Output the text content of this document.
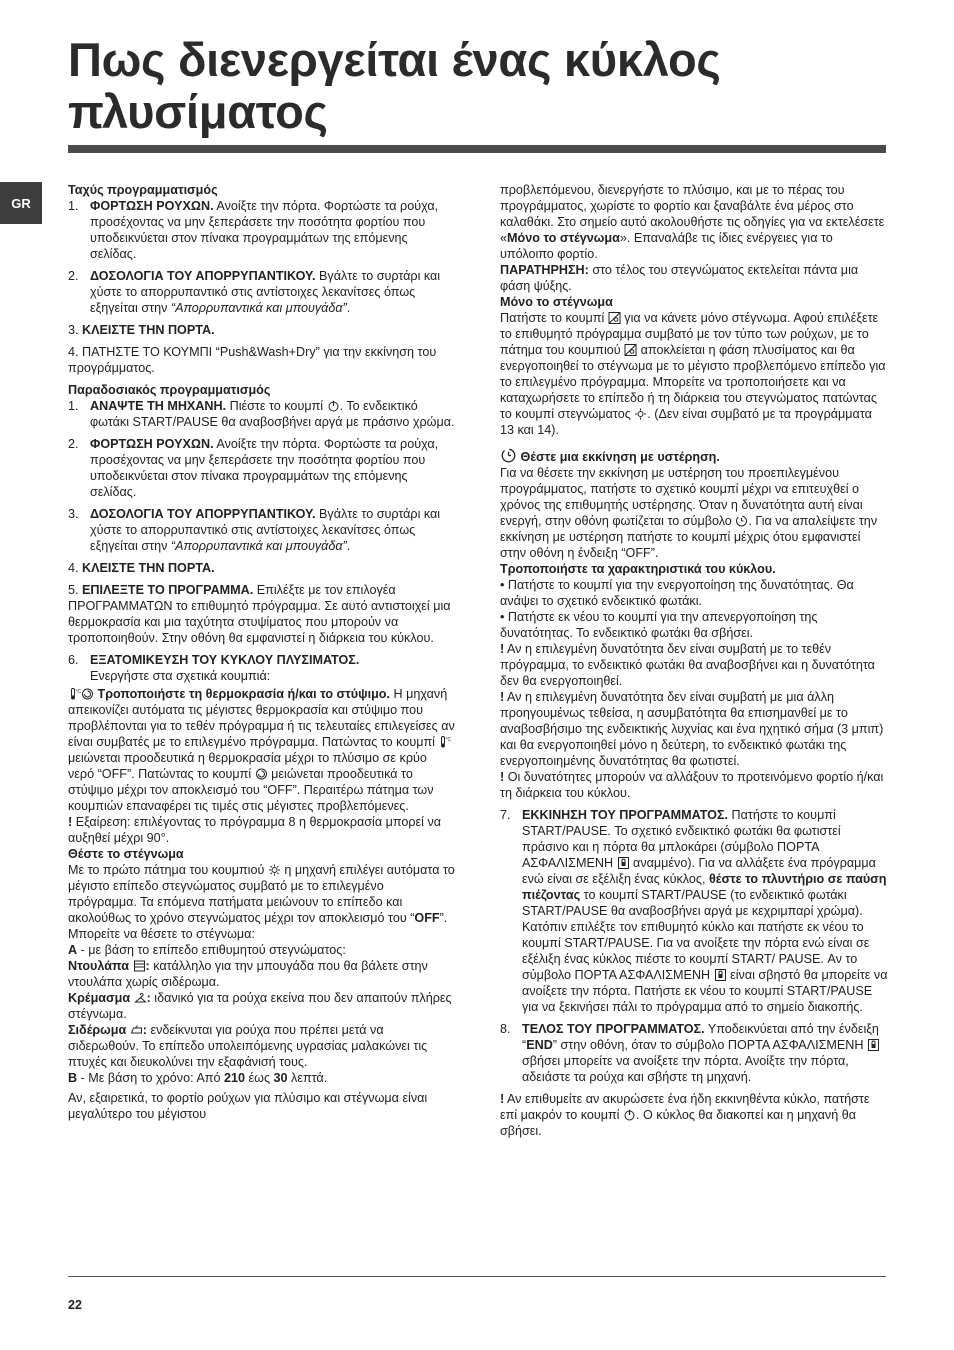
Πως διενεργείται ένας κύκλος
πλυσίματος
GR

Ταχύς προγραμματισμός

1. ΦΟΡΤΩΣΗ ΡΟΥΧΩΝ. Ανοίξτε την πόρτα. Φορτώστε τα ρούχα, προσέχοντας να μην ξεπεράσετε την ποσότητα φορτίου που υποδεικνύεται στον πίνακα προγραμμάτων της επόμενης σελίδας.

2. ΔΟΣΟΛΟΓΙΑ ΤΟΥ ΑΠΟΡΡΥΠΑΝΤΙΚΟΥ. Βγάλτε το συρτάρι και χύστε το απορρυπαντικό στις αντίστοιχες λεκανίτσες όπως εξηγείται στην “Απορρυπαντικά και μπουγάδα”.

3. ΚΛΕΙΣΤΕ ΤΗΝ ΠΟΡΤΑ.

4. ΠΑΤΗΣΤΕ ΤΟ ΚΟΥΜΠΙ “Push&Wash+Dry” για την εκκίνηση του προγράμματος.

Παραδοσιακός προγραμματισμός

1. ΑΝΑΨΤΕ ΤΗ ΜΗΧΑΝΗ. Πιέστε το κουμπί
. Το ενδεικτικό φωτάκι START/PAUSE θα αναβοσβήνει αργά με πράσινο χρώμα.

2. ΦΟΡΤΩΣΗ ΡΟΥΧΩΝ. Ανοίξτε την πόρτα. Φορτώστε τα ρούχα, προσέχοντας να μην ξεπεράσετε την ποσότητα φορτίου που υποδεικνύεται στον πίνακα προγραμμάτων της επόμενης σελίδας.

3. ΔΟΣΟΛΟΓΙΑ ΤΟΥ ΑΠΟΡΡΥΠΑΝΤΙΚΟΥ. Βγάλτε το συρτάρι και χύστε το απορρυπαντικό στις αντίστοιχες λεκανίτσες όπως εξηγείται στην “Απορρυπαντικά και μπουγάδα”.

4. ΚΛΕΙΣΤΕ ΤΗΝ ΠΟΡΤΑ.

5. ΕΠΙΛΕΞΤΕ ΤΟ ΠΡΟΓΡΑΜΜΑ. Επιλέξτε με τον επιλογέα ΠΡΟΓΡΑΜΜΑΤΩΝ το επιθυμητό πρόγραμμα. Σε αυτό αντιστοιχεί μια θερμοκρασία και μια ταχύτητα στυψίματος που μπορούν να τροποποιηθούν. Στην οθόνη θα εμφανιστεί η διάρκεια του κύκλου.

6. ΕΞΑΤΟΜΙΚΕΥΣΗ ΤΟΥ ΚΥΚΛΟΥ ΠΛΥΣΙΜΑΤΟΣ.
Ενεργήστε στα σχετικά κουμπιά:

°C Τροποποιήστε τη θερμοκρασία ή/και το στύψιμο. Η μηχανή απεικονίζει αυτόματα τις μέγιστες θερμοκρασία και στύψιμο που προβλέπονται για το τεθέν πρόγραμμα ή τις τελευταίες επιλεγείσες αν είναι συμβατές με το επιλεγμένο πρόγραμμα. Πατώντας το κουμπί °C
μειώνεται προοδευτικά η θερμοκρασία μέχρι το πλύσιμο σε κρύο νερό “OFF”. Πατώντας το κουμπί
μειώνεται προοδευτικά το στύψιμο μέχρι τον αποκλεισμό του “OFF”. Περαιτέρω πάτημα των κουμπιών επαναφέρει τις τιμές στις μέγιστες προβλεπόμενες.
! Εξαίρεση: επιλέγοντας το πρόγραμμα 8 η θερμοκρασία μπορεί να αυξηθεί μέχρι 90°.

Θέστε το στέγνωμα

Με το πρώτο πάτημα του κουμπιού
η μηχανή επιλέγει αυτόματα το μέγιστο επίπεδο στεγνώματος συμβατό με το επιλεγμένο πρόγραμμα. Τα επόμενα πατήματα μειώνουν το επίπεδο και ακολούθως το χρόνο στεγνώματος μέχρι τον αποκλεισμό του “OFF”. Μπορείτε να θέσετε το στέγνωμα:
A - με βάση το επίπεδο επιθυμητού στεγνώματος:
Ντουλάπα : κατάλληλο για την μπουγάδα που θα βάλετε στην ντουλάπα χωρίς σιδέρωμα.
Κρέμασμα : ιδανικό για τα ρούχα εκείνα που δεν απαιτούν πλήρες στέγνωμα.
Σιδέρωμα : ενδείκνυται για ρούχα που πρέπει μετά να σιδερωθούν. Το επίπεδο υπολειπόμενης υγρασίας μαλακώνει τις πτυχές και διευκολύνει την εξαφάνισή τους.
B - Με βάση το χρόνο: Από 210 έως 30 λεπτά.

Αν, εξαιρετικά, το φορτίο ρούχων για πλύσιμο και στέγνωμα είναι μεγαλύτερο του μέγιστου

προβλεπόμενου, διενεργήστε το πλύσιμο, και με το πέρας του προγράμματος, χωρίστε το φορτίο και ξαναβάλτε ένα μέρος στο καλαθάκι. Στο σημείο αυτό ακολουθήστε τις οδηγίες για να εκτελέσετε «Μόνο το στέγνωμα». Επαναλάβε τις ίδιες ενέργειες για το υπόλοιπο φορτίο.
ΠΑΡΑΤΗΡΗΣΗ: στο τέλος του στεγνώματος εκτελείται πάντα μια φάση ψύξης.

Μόνο το στέγνωμα

Πατήστε το κουμπί
για να κάνετε μόνο στέγνωμα. Αφού επιλέξετε το επιθυμητό πρόγραμμα συμβατό με τον τύπο των ρούχων, με το πάτημα του κουμπιού
αποκλείεται η φάση πλυσίματος και θα ενεργοποιηθεί το στέγνωμα με το μέγιστο προβλεπόμενο επίπεδο για το επιλεγμένο πρόγραμμα. Μπορείτε να τροποποιήσετε και να καταχωρήσετε το επίπεδο ή τη διάρκεια του στεγνώματος πατώντας το κουμπί στεγνώματος
. (Δεν είναι συμβατό με τα προγράμματα 13 και 14).

Θέστε μια εκκίνηση με υστέρηση.

Για να θέσετε την εκκίνηση με υστέρηση του προεπιλεγμένου προγράμματος, πατήστε το σχετικό κουμπί μέχρι να επιτευχθεί ο χρόνος της επιθυμητής υστέρησης. Όταν η δυνατότητα αυτή είναι ενεργή, στην οθόνη φωτίζεται το σύμβολο
. Για να απαλείψετε την εκκίνηση με υστέρηση πατήστε το κουμπί μέχρις ότου εμφανιστεί στην οθόνη η ένδειξη “OFF”.

Τροποποιήστε τα χαρακτηριστικά του κύκλου.

• Πατήστε το κουμπί για την ενεργοποίηση της δυνατότητας. Θα ανάψει το σχετικό ενδεικτικό φωτάκι.
• Πατήστε εκ νέου το κουμπί για την απενεργοποίηση της δυνατότητας. Το ενδεικτικό φωτάκι θα σβήσει.
! Αν η επιλεγμένη δυνατότητα δεν είναι συμβατή με το τεθέν πρόγραμμα, το ενδεικτικό φωτάκι θα αναβοσβήνει και η δυνατότητα δεν θα ενεργοποιηθεί.
! Αν η επιλεγμένη δυνατότητα δεν είναι συμβατή με μια άλλη προηγουμένως τεθείσα, η ασυμβατότητα θα επισημανθεί με το αναβοσβήσιμο της ενδεικτικής λυχνίας και ένα ηχητικό σήμα (3 μπιπ) και θα ενεργοποιηθεί μόνο η δεύτερη, το ενδεικτικό φωτάκι της ενεργοποιημένης δυνατότητας θα φωτιστεί.
! Οι δυνατότητες μπορούν να αλλάξουν το προτεινόμενο φορτίο ή/και τη διάρκεια του κύκλου.

7. ΕΚΚΙΝΗΣΗ ΤΟΥ ΠΡΟΓΡΑΜΜΑΤΟΣ. Πατήστε το κουμπί START/PAUSE. Το σχετικό ενδεικτικό φωτάκι θα φωτιστεί πράσινο και η πόρτα θα μπλοκάρει (σύμβολο ΠΟΡΤΑ ΑΣΦΑΛΙΣΜΕΝΗ
αναμμένο). Για να αλλάξετε ένα πρόγραμμα ενώ είναι σε εξέλιξη ένας κύκλος, θέστε το πλυντήριο σε παύση πιέζοντας το κουμπί START/PAUSE (το ενδεικτικό φωτάκι START/PAUSE θα αναβοσβήνει αργά με κεχριμπαρί χρώμα). Κατόπιν επιλέξτε τον επιθυμητό κύκλο και πατήστε εκ νέου το κουμπί START/PAUSE. Για να ανοίξετε την πόρτα ενώ είναι σε εξέλιξη ένας κύκλος πιέστε το κουμπί START/ PAUSE. Αν το σύμβολο ΠΟΡΤΑ ΑΣΦΑΛΙΣΜΕΝΗ
είναι σβηστό θα μπορείτε να ανοίξετε την πόρτα. Πατήστε εκ νέου το κουμπί START/PAUSE για να ξεκινήσει πάλι το πρόγραμμα από το σημείο διακοπής.

8. ΤΕΛΟΣ ΤΟΥ ΠΡΟΓΡΑΜΜΑΤΟΣ. Υποδεικνύεται από την ένδειξη “END” στην οθόνη, όταν το σύμβολο ΠΟΡΤΑ ΑΣΦΑΛΙΣΜΕΝΗ
σβήσει μπορείτε να ανοίξετε την πόρτα. Ανοίξτε την πόρτα, αδειάστε τα ρούχα και σβήστε τη μηχανή.

! Αν επιθυμείτε αν ακυρώσετε ένα ήδη εκκινηθέντα κύκλο, πατήστε επί μακρόν το κουμπί
. Ο κύκλος θα διακοπεί και η μηχανή θα σβήσει.

22
